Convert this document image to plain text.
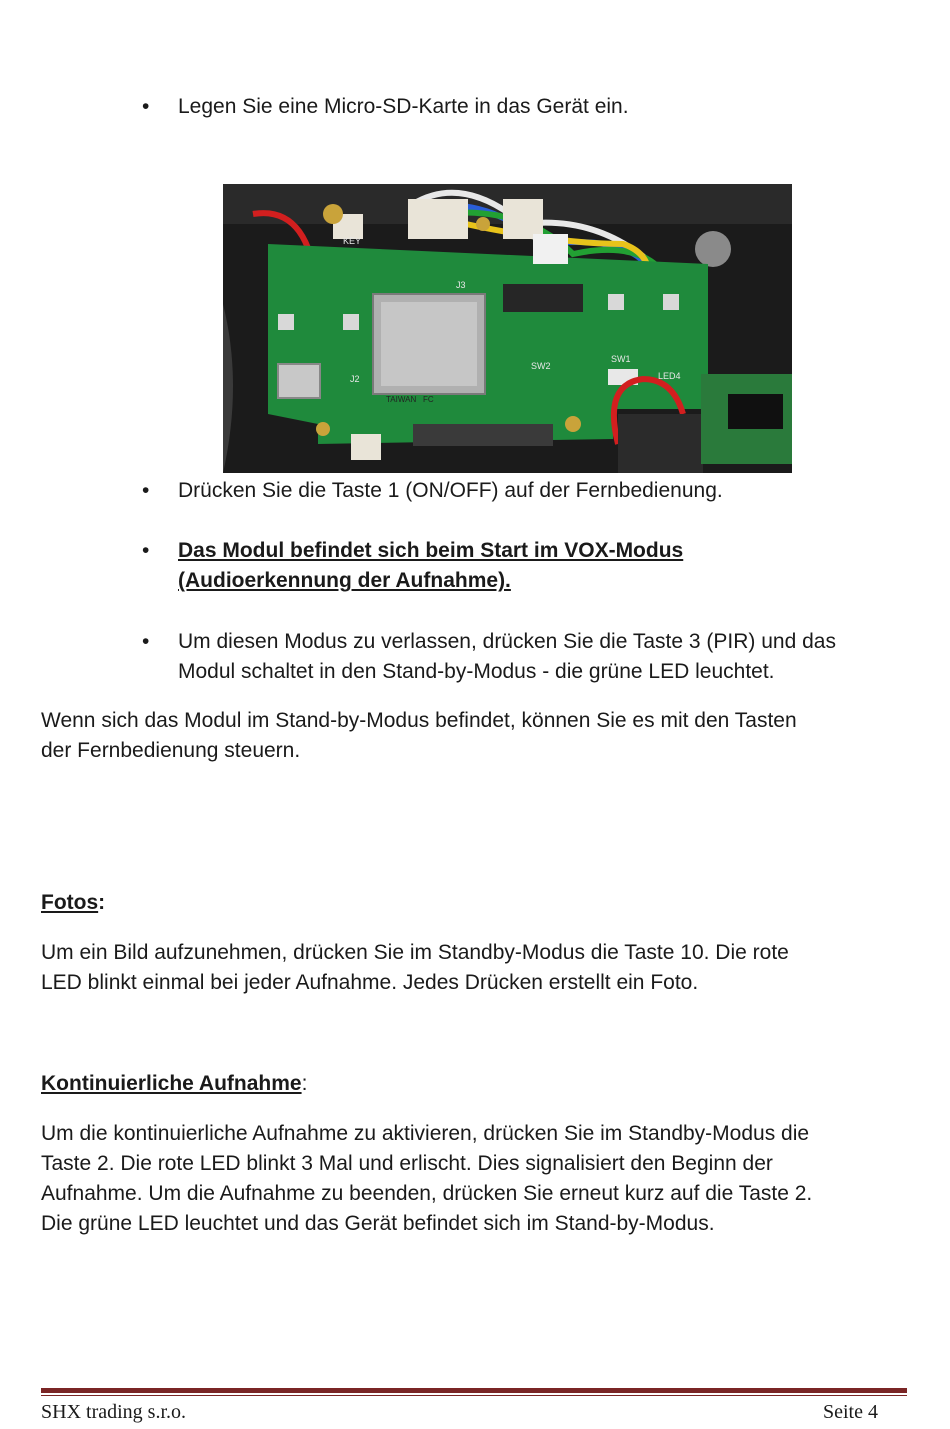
• Legen Sie eine Micro-SD-Karte in das Gerät ein.

KEY
J3
J2
SW2
SW1
LED4
TAIWAN FC
• Drücken Sie die Taste 1 (ON/OFF) auf der Fernbedienung.

• Das Modul befindet sich beim Start im VOX-Modus

(Audioerkennung der Aufnahme).

• Um diesen Modus zu verlassen, drücken Sie die Taste 3 (PIR) und das

Modul schaltet in den Stand-by-Modus - die grüne LED leuchtet.

Wenn sich das Modul im Stand-by-Modus befindet, können Sie es mit den Tasten

der Fernbedienung steuern.

Fotos:

Um ein Bild aufzunehmen, drücken Sie im Standby-Modus die Taste 10. Die rote

LED blinkt einmal bei jeder Aufnahme. Jedes Drücken erstellt ein Foto.

Kontinuierliche Aufnahme:

Um die kontinuierliche Aufnahme zu aktivieren, drücken Sie im Standby-Modus die

Taste 2. Die rote LED blinkt 3 Mal und erlischt. Dies signalisiert den Beginn der

Aufnahme. Um die Aufnahme zu beenden, drücken Sie erneut kurz auf die Taste 2.

Die grüne LED leuchtet und das Gerät befindet sich im Stand-by-Modus.

SHX trading s.r.o.	Seite 4
